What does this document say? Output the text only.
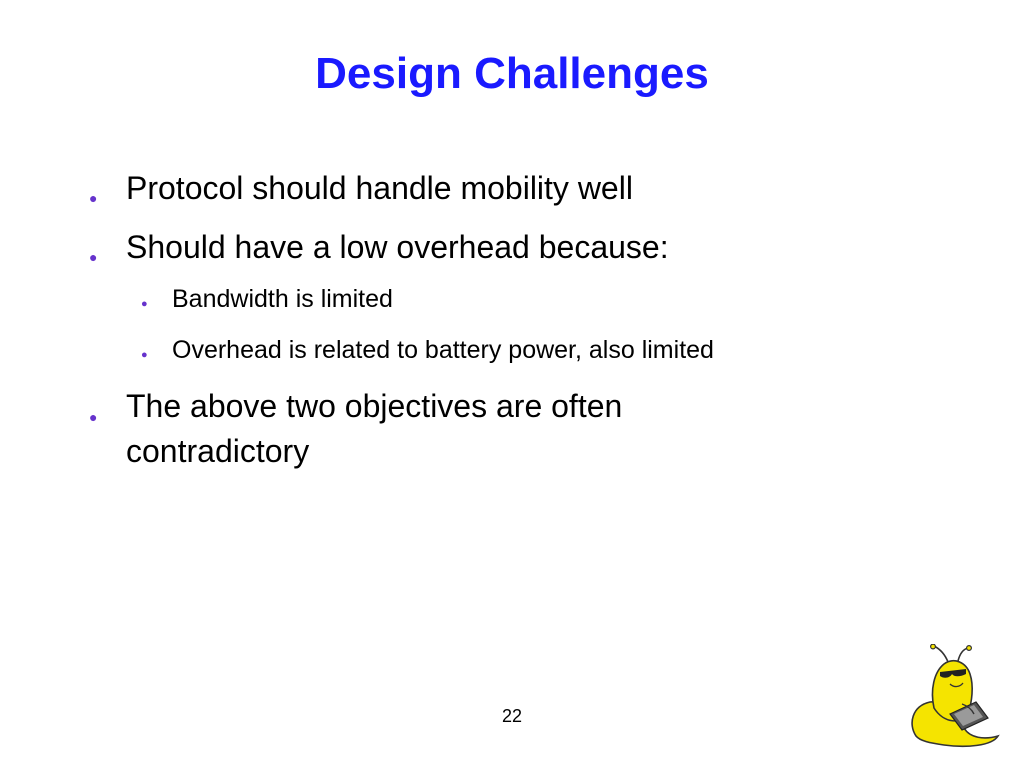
Design Challenges
● Protocol should handle mobility well
● Should have a low overhead because:
● Bandwidth is limited
● Overhead is related to battery power, also limited
● The above two objectives are often contradictory
22
